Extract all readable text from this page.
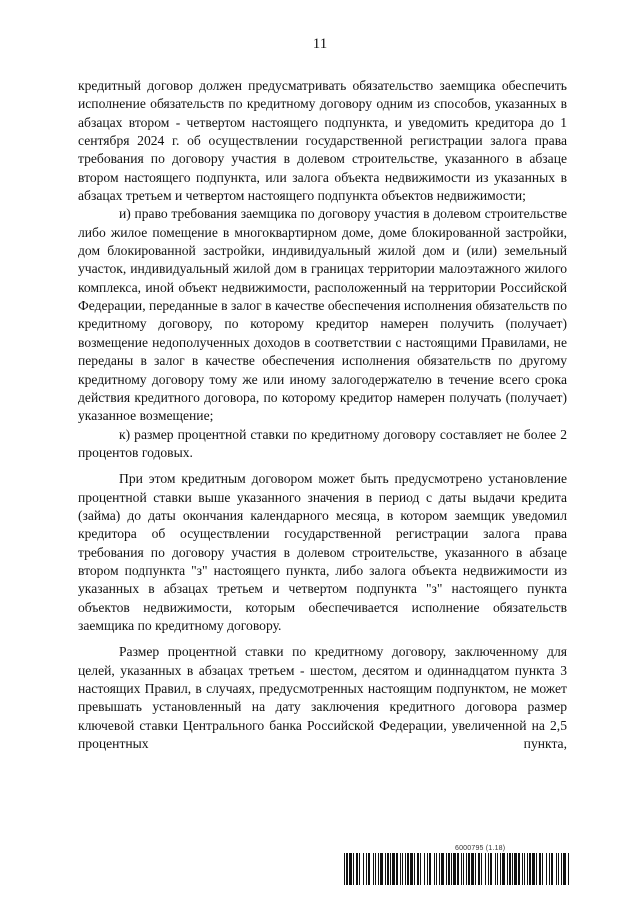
11

кредитный договор должен предусматривать обязательство заемщика обеспечить исполнение обязательств по кредитному договору одним из способов, указанных в абзацах втором - четвертом настоящего подпункта, и уведомить кредитора до 1 сентября 2024 г. об осуществлении государственной регистрации залога права требования по договору участия в долевом строительстве, указанного в абзаце втором настоящего подпункта, или залога объекта недвижимости из указанных в абзацах третьем и четвертом настоящего подпункта объектов недвижимости;

и) право требования заемщика по договору участия в долевом строительстве либо жилое помещение в многоквартирном доме, доме блокированной застройки, дом блокированной застройки, индивидуальный жилой дом и (или) земельный участок, индивидуальный жилой дом в границах территории малоэтажного жилого комплекса, иной объект недвижимости, расположенный на территории Российской Федерации, переданные в залог в качестве обеспечения исполнения обязательств по кредитному договору, по которому кредитор намерен получить (получает) возмещение недополученных доходов в соответствии с настоящими Правилами, не переданы в залог в качестве обеспечения исполнения обязательств по другому кредитному договору тому же или иному залогодержателю в течение всего срока действия кредитного договора, по которому кредитор намерен получать (получает) указанное возмещение;

к) размер процентной ставки по кредитному договору составляет не более 2 процентов годовых.

При этом кредитным договором может быть предусмотрено установление процентной ставки выше указанного значения в период с даты выдачи кредита (займа) до даты окончания календарного месяца, в котором заемщик уведомил кредитора об осуществлении государственной регистрации залога права требования по договору участия в долевом строительстве, указанного в абзаце втором подпункта "з" настоящего пункта, либо залога объекта недвижимости из указанных в абзацах третьем и четвертом подпункта "з" настоящего пункта объектов недвижимости, которым обеспечивается исполнение обязательств заемщика по кредитному договору.

Размер процентной ставки по кредитному договору, заключенному для целей, указанных в абзацах третьем - шестом, десятом и одиннадцатом пункта 3 настоящих Правил, в случаях, предусмотренных настоящим подпунктом, не может превышать установленный на дату заключения кредитного договора размер ключевой ставки Центрального банка Российской Федерации, увеличенной на 2,5 процентных пункта,

6000795 (1.18)
